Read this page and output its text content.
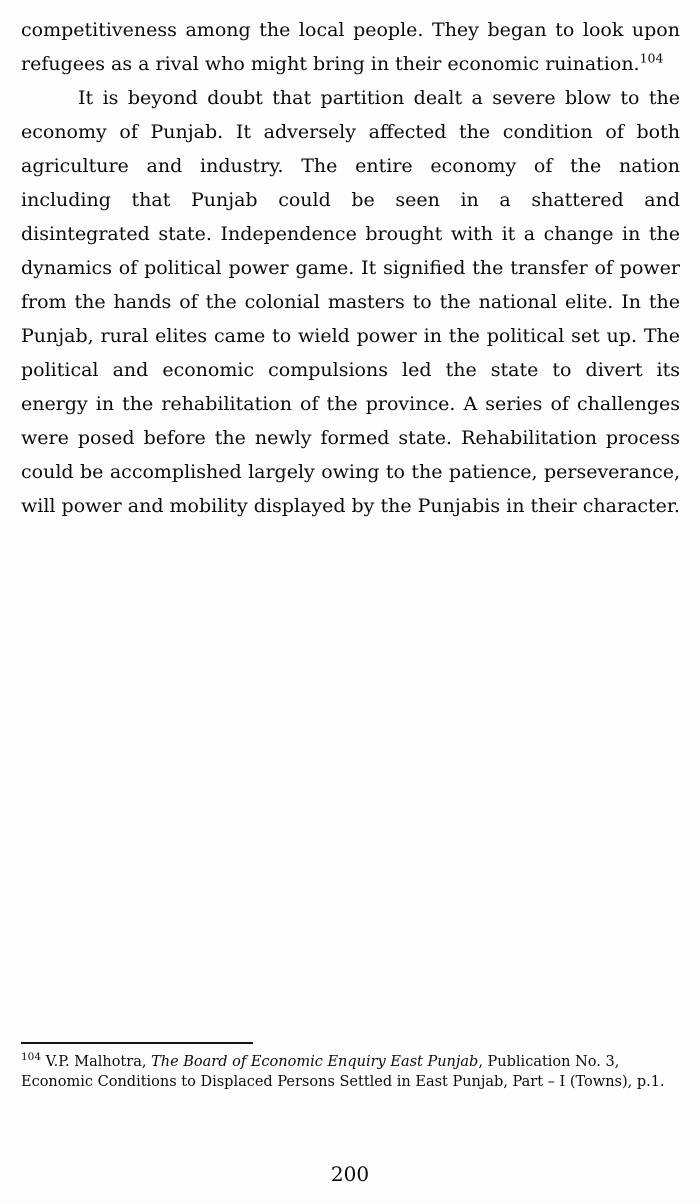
competitiveness among the local people. They began to look upon refugees as a rival who might bring in their economic ruination.$^{104}$

It is beyond doubt that partition dealt a severe blow to the economy of Punjab. It adversely affected the condition of both agriculture and industry. The entire economy of the nation including that Punjab could be seen in a shattered and disintegrated state. Independence brought with it a change in the dynamics of political power game. It signified the transfer of power from the hands of the colonial masters to the national elite. In the Punjab, rural elites came to wield power in the political set up. The political and economic compulsions led the state to divert its energy in the rehabilitation of the province. A series of challenges were posed before the newly formed state. Rehabilitation process could be accomplished largely owing to the patience, perseverance, will power and mobility displayed by the Punjabis in their character.

$^{104}$ V.P. Malhotra, The Board of Economic Enquiry East Punjab, Publication No. 3, Economic Conditions to Displaced Persons Settled in East Punjab, Part – I (Towns), p.1.

200
